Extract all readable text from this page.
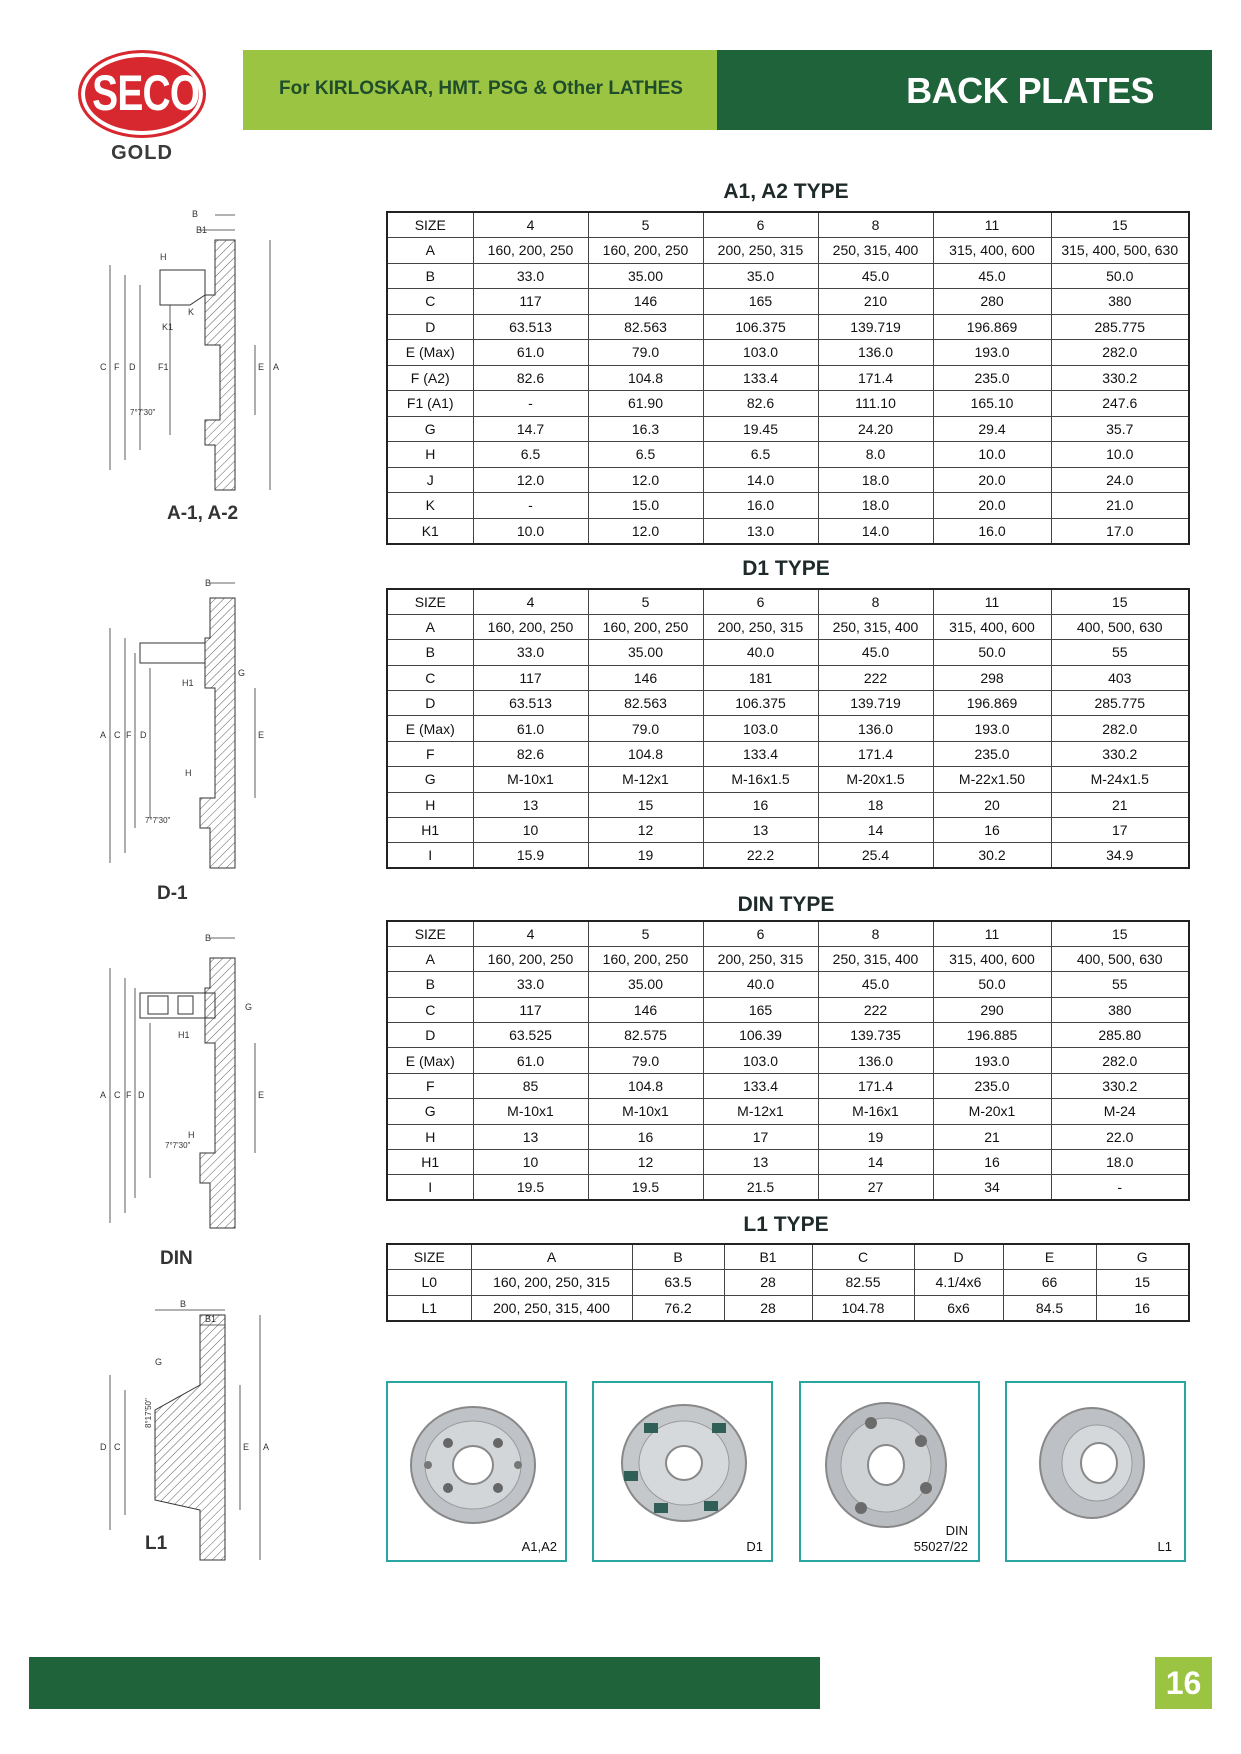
SECO
GOLD
For KIRLOSKAR, HMT. PSG & Other LATHES	BACK PLATES
A1, A2 TYPE
D1 TYPE
DIN TYPE
L1 TYPE
SIZE	4	5	6	8	11	15
A	160, 200, 250	160, 200, 250	200, 250, 315	250, 315, 400	315, 400, 600	315, 400, 500, 630
B	33.0	35.00	35.0	45.0	45.0	50.0
C	117	146	165	210	280	380
D	63.513	82.563	106.375	139.719	196.869	285.775
E (Max)	61.0	79.0	103.0	136.0	193.0	282.0
F (A2)	82.6	104.8	133.4	171.4	235.0	330.2
F1 (A1)	-	61.90	82.6	111.10	165.10	247.6
G	14.7	16.3	19.45	24.20	29.4	35.7
H	6.5	6.5	6.5	8.0	10.0	10.0
J	12.0	12.0	14.0	18.0	20.0	24.0
K	-	15.0	16.0	18.0	20.0	21.0
K1	10.0	12.0	13.0	14.0	16.0	17.0
SIZE	4	5	6	8	11	15
A	160, 200, 250	160, 200, 250	200, 250, 315	250, 315, 400	315, 400, 600	400, 500, 630
B	33.0	35.00	40.0	45.0	50.0	55
C	117	146	181	222	298	403
D	63.513	82.563	106.375	139.719	196.869	285.775
E (Max)	61.0	79.0	103.0	136.0	193.0	282.0
F	82.6	104.8	133.4	171.4	235.0	330.2
G	M-10x1	M-12x1	M-16x1.5	M-20x1.5	M-22x1.50	M-24x1.5
H	13	15	16	18	20	21
H1	10	12	13	14	16	17
I	15.9	19	22.2	25.4	30.2	34.9
SIZE	4	5	6	8	11	15
A	160, 200, 250	160, 200, 250	200, 250, 315	250, 315, 400	315, 400, 600	400, 500, 630
B	33.0	35.00	40.0	45.0	50.0	55
C	117	146	165	222	290	380
D	63.525	82.575	106.39	139.735	196.885	285.80
E (Max)	61.0	79.0	103.0	136.0	193.0	282.0
F	85	104.8	133.4	171.4	235.0	330.2
G	M-10x1	M-10x1	M-12x1	M-16x1	M-20x1	M-24
H	13	16	17	19	21	22.0
H1	10	12	13	14	16	18.0
I	19.5	19.5	21.5	27	34	-
SIZE	A	B	B1	C	D	E	G
L0	160, 200, 250, 315	63.5	28	82.55	4.1/4x6	66	15
L1	200, 250, 315, 400	76.2	28	104.78	6x6	84.5	16
B
B1
H
K
K1
C F D	F1	E A
7°7'30"
A-1, A-2
B
G
H1
H
A C F D	E
7°7'30"
D-1
B
G
H1
H
A C F D	E
7°7'30"
DIN
B
B1
G
D C	E A
8°17'50"
L1	A1,A2	D1
DIN
55027/22	L1
16
